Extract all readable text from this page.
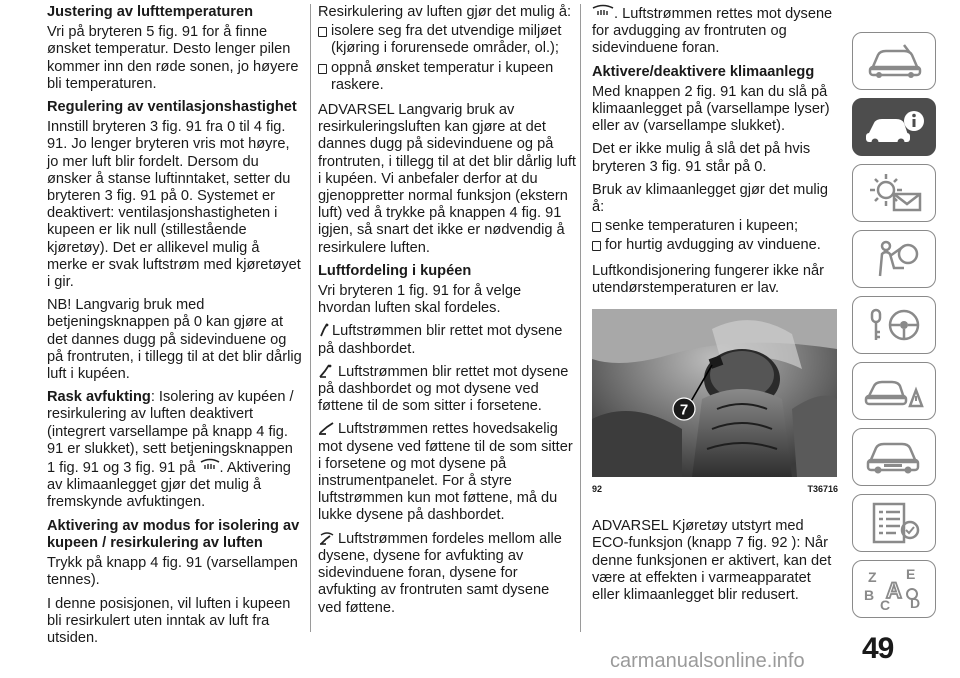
Justering av lufttemperaturen

Vri på bryteren 5 fig. 91 for å finne ønsket temperatur. Desto lenger pilen kommer inn den røde sonen, jo høyere bli temperaturen.

Regulering av ventilasjonshastighet

Innstill bryteren 3 fig. 91 fra 0 til 4 fig. 91. Jo lenger bryteren vris mot høyre, jo mer luft blir fordelt. Dersom du ønsker å stanse luftinntaket, setter du bryteren 3 fig. 91 på 0. Systemet er deaktivert: ventilasjonshastigheten i kupeen er lik null (stillestående kjøretøy). Det er allikevel mulig å merke er svak luftstrøm med kjøretøyet i gir.

NB! Langvarig bruk med betjeningsknappen på 0 kan gjøre at det dannes dugg på sidevinduene og på frontruten, i tillegg til at det blir dårlig luft i kupéen.

Rask avfukting: Isolering av kupéen / resirkulering av luften deaktivert (integrert varsellampe på knapp 4 fig. 91 er slukket), sett betjeningsknappen 1 fig. 91 og 3 fig. 91 på . Aktivering av klimaanlegget gjør det mulig å fremskynde avfuktingen.

Aktivering av modus for isolering av kupeen / resirkulering av luften

Trykk på knapp 4 fig. 91 (varsellampen tennes).

I denne posisjonen, vil luften i kupeen bli resirkulert uten inntak av luft fra utsiden.

Resirkulering av luften gjør det mulig å:

isolere seg fra det utvendige miljøet (kjøring i forurensede områder, ol.);
oppnå ønsket temperatur i kupeen raskere.

ADVARSEL Langvarig bruk av resirkuleringsluften kan gjøre at det dannes dugg på sidevinduene og på frontruten, i tillegg til at det blir dårlig luft i kupéen. Vi anbefaler derfor at du gjenoppretter normal funksjon (ekstern luft) ved å trykke på knappen 4 fig. 91 igjen, så snart det ikke er nødvendig å resirkulere luften.

Luftfordeling i kupéen

Vri bryteren 1 fig. 91 for å velge hvordan luften skal fordeles.

Luftstrømmen blir rettet mot dysene på dashbordet.
Luftstrømmen blir rettet mot dysene på dashbordet og mot dysene ved føttene til de som sitter i forsetene.
Luftstrømmen rettes hovedsakelig mot dysene ved føttene til de som sitter i forsetene og mot dysene på instrumentpanelet. For å styre luftstrømmen kun mot føttene, må du lukke dysene på dashbordet.
Luftstrømmen fordeles mellom alle dysene, dysene for avfukting av sidevinduene foran, dysene for avfukting av frontruten samt dysene ved føttene.

. Luftstrømmen rettes mot dysene for avdugging av frontruten og sidevinduene foran.

Aktivere/deaktivere klimaanlegg

Med knappen 2 fig. 91 kan du slå på klimaanlegget på (varsellampe lyser) eller av (varsellampe slukket).

Det er ikke mulig å slå det på hvis bryteren 3 fig. 91 står på 0.

Bruk av klimaanlegget gjør det mulig å:

senke temperaturen i kupeen;
for hurtig avdugging av vinduene.

Luftkondisjonering fungerer ikke når utendørstemperaturen er lav.

7
92	T36716

ADVARSEL Kjøretøy utstyrt med ECO-funksjon (knapp 7 fig. 92 ): Når denne funksjonen er aktivert, kan det være at effekten i varmeapparatet eller klimaanlegget blir redusert.

Z E
B
C D
A
49
carmanualsonline.info
